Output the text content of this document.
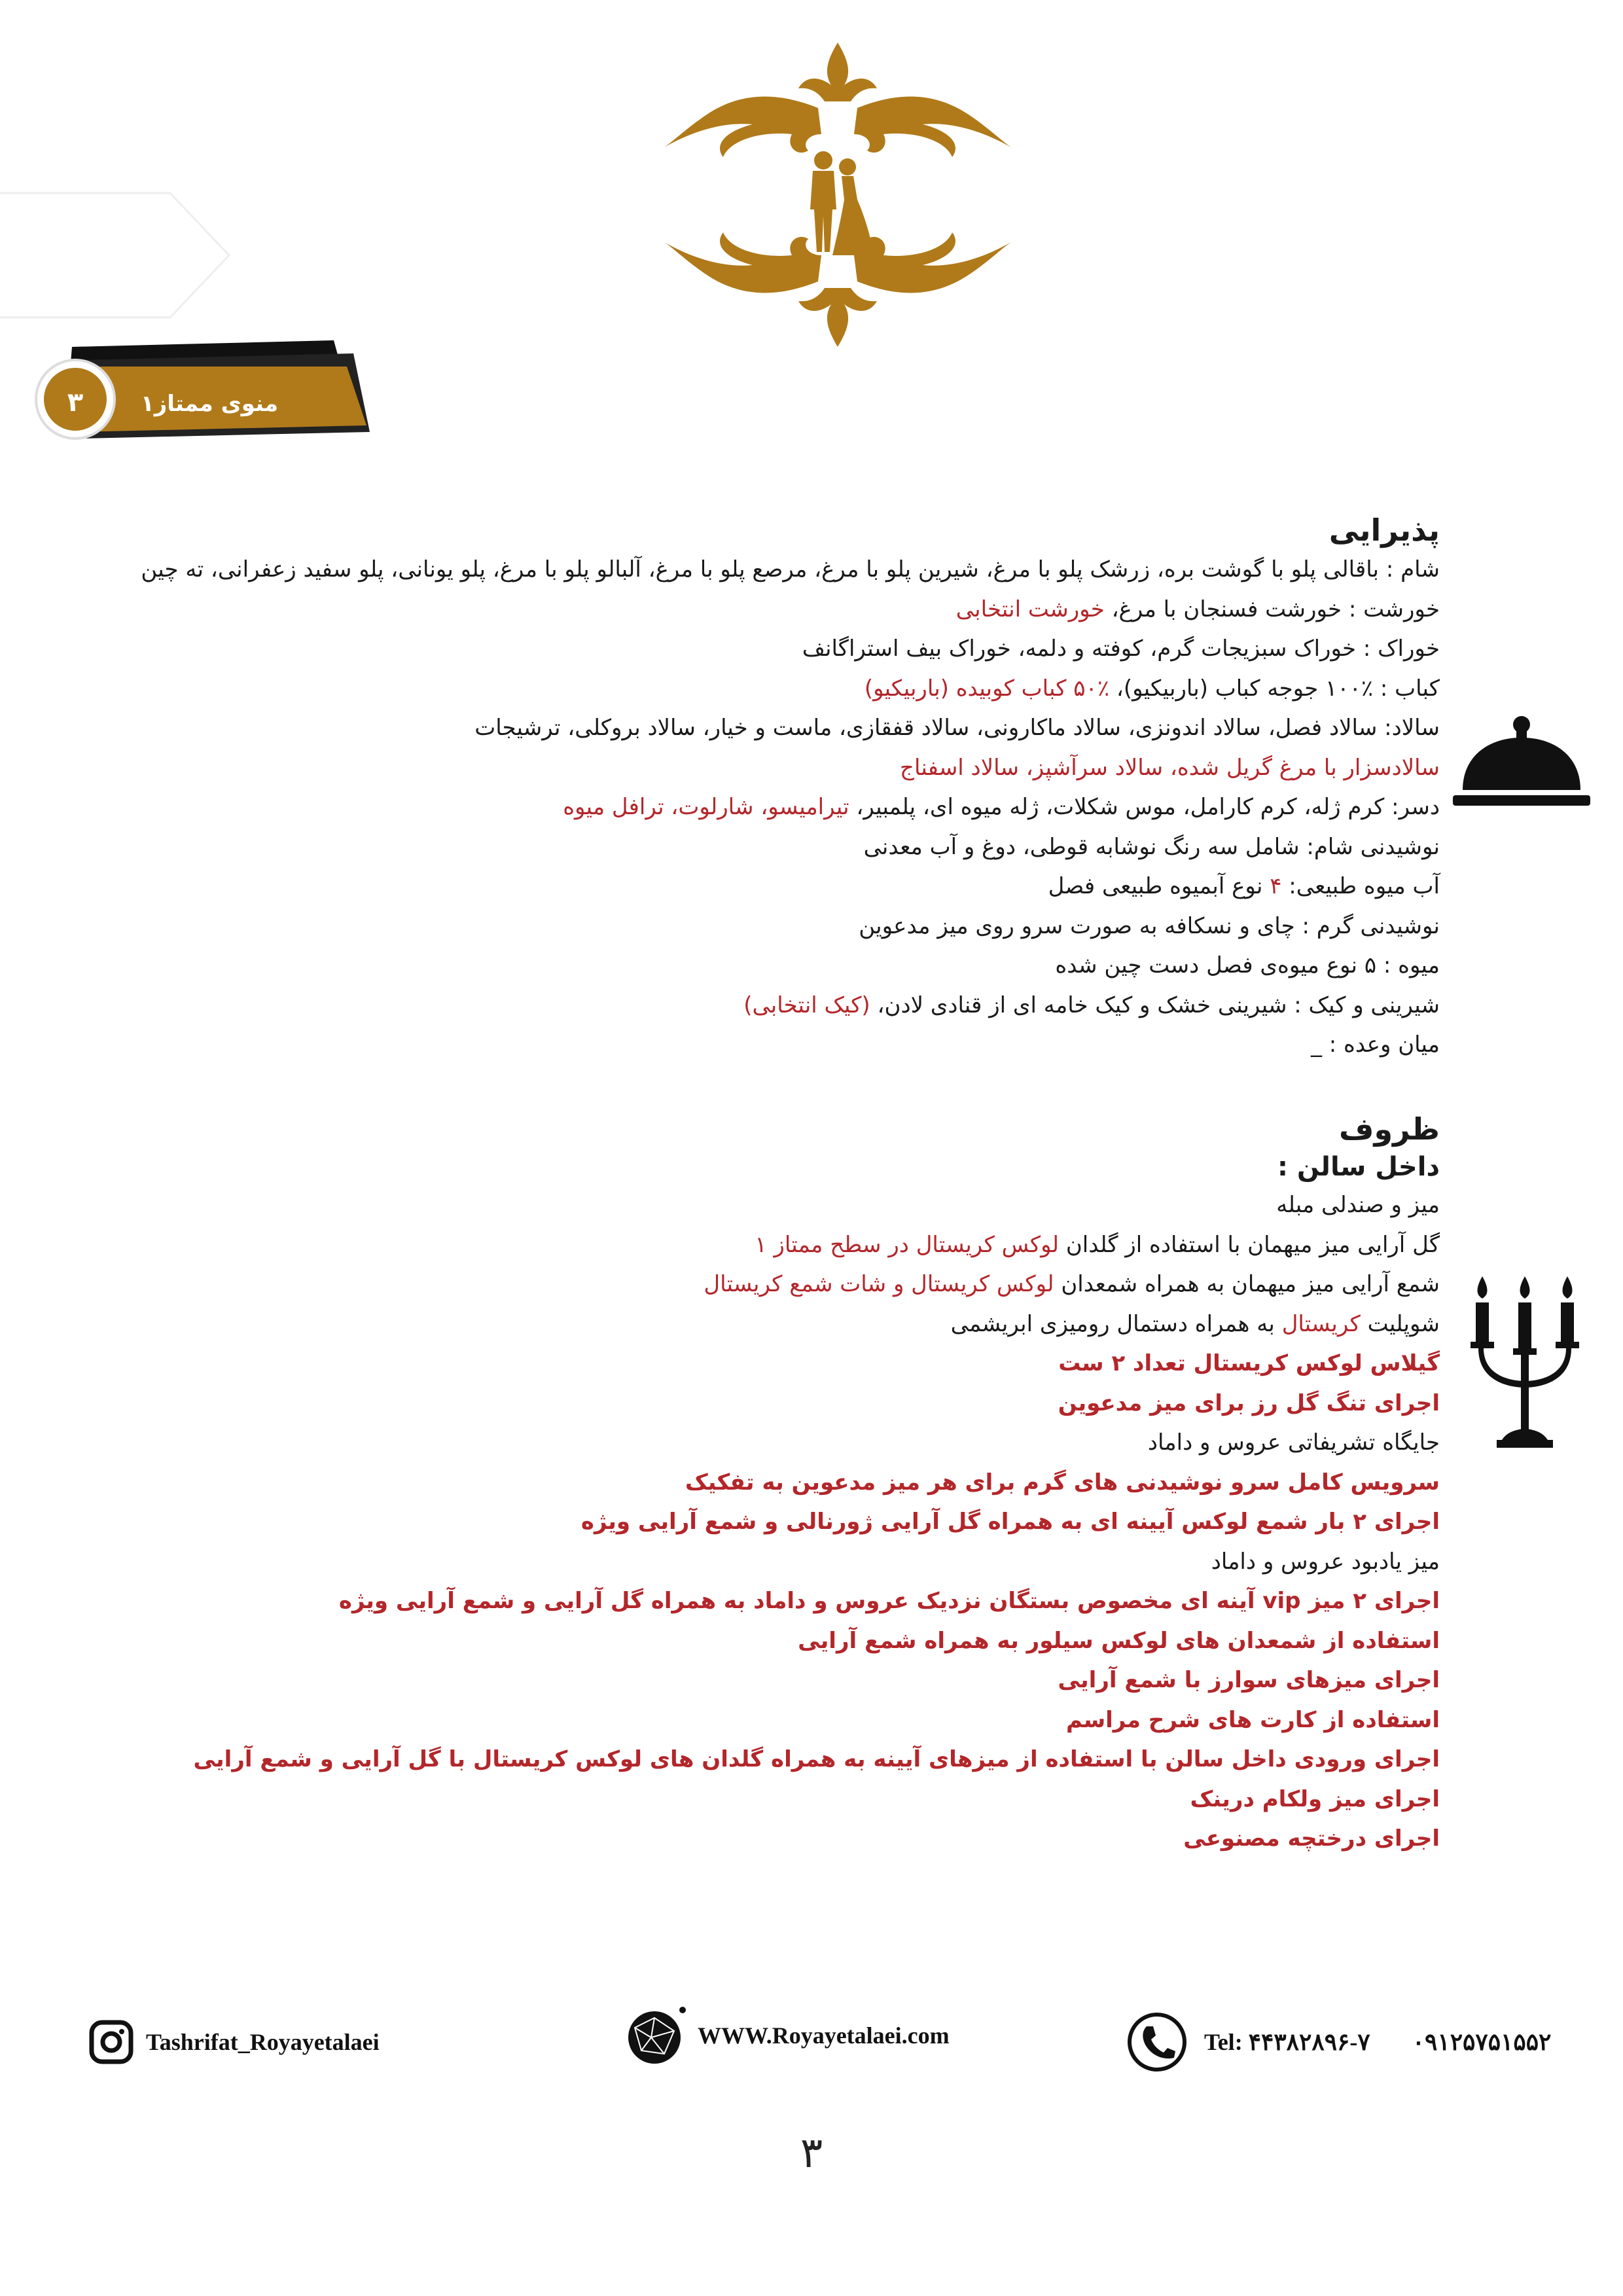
منوی ممتاز۱
۳
پذیرایی
شام : باقالی پلو با گوشت بره، زرشک پلو با مرغ، شیرین پلو با مرغ، مرصع پلو با مرغ، آلبالو پلو با مرغ، پلو یونانی، پلو سفید زعفرانی، ته چین
خورشت : خورشت فسنجان با مرغ، خورشت انتخابی
خوراک : خوراک سبزیجات گرم، کوفته و دلمه، خوراک بیف استراگانف
کباب : ٪۱۰۰ جوجه کباب (باربیکیو)، ٪۵۰ کباب کوبیده (باربیکیو)
سالاد: سالاد فصل، سالاد اندونزی، سالاد ماکارونی، سالاد قفقازی، ماست و خیار، سالاد بروکلی، ترشیجات
سالادسزار با مرغ گریل شده، سالاد سرآشپز، سالاد اسفناج
دسر: کرم ژله، کرم کارامل، موس شکلات، ژله میوه ای، پلمبیر، تیرامیسو، شارلوت، ترافل میوه
نوشیدنی شام: شامل سه رنگ نوشابه قوطی، دوغ و آب معدنی
آب میوه طبیعی: ۴ نوع آبمیوه طبیعی فصل
نوشیدنی گرم : چای و نسکافه به صورت سرو روی میز مدعوین
میوه : ۵ نوع میوه‌ی فصل دست چین شده
شیرینی و کیک : شیرینی خشک و کیک خامه ای از قنادی لادن، (کیک انتخابی)
میان وعده : _
ظروف
داخل سالن :
میز و صندلی مبله
گل آرایی میز میهمان با استفاده از گلدان لوکس کریستال در سطح ممتاز ۱
شمع آرایی میز میهمان به همراه شمعدان لوکس کریستال و شات شمع کریستال
شوپلیت کریستال به همراه دستمال رومیزی ابریشمی
گیلاس لوکس کریستال تعداد ۲ ست
اجرای تنگ گل رز برای میز مدعوین
جایگاه تشریفاتی عروس و داماد
سرویس کامل سرو نوشیدنی های گرم برای هر میز مدعوین به تفکیک
اجرای ۲ بار شمع لوکس آیینه ای به همراه گل آرایی ژورنالی و شمع آرایی ویژه
میز یادبود عروس و داماد
اجرای ۲ میز vip آینه ای مخصوص بستگان نزدیک عروس و داماد به همراه گل آرایی و شمع آرایی ویژه
استفاده از شمعدان های لوکس سیلور به همراه شمع آرایی
اجرای میزهای سوارز با شمع آرایی
استفاده از کارت های شرح مراسم
اجرای ورودی داخل سالن با استفاده از میزهای آیینه به همراه گلدان های لوکس کریستال با گل آرایی و شمع آرایی
اجرای میز ولکام درینک
اجرای درختچه مصنوعی
Tashrifat_Royayetalaei	WWW.Royayetalaei.com	Tel: ۴۴۳۸۲۸۹۶-۷ ۰۹۱۲۵۷۵۱۵۵۲
۳
